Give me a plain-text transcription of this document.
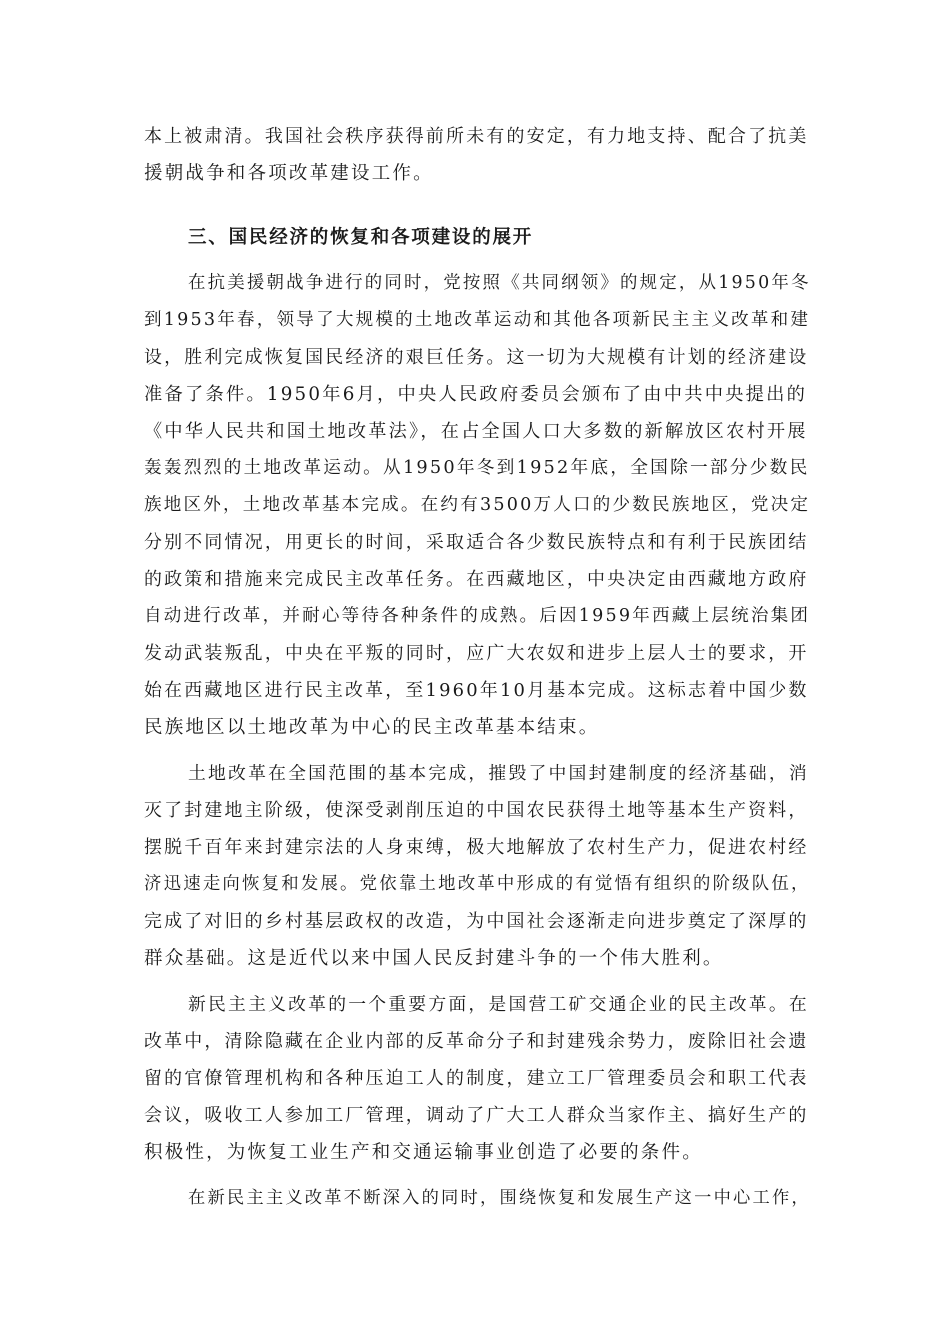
本上被肃清。我国社会秩序获得前所未有的安定，有力地支持、配合了抗美
援朝战争和各项改革建设工作。
三、国民经济的恢复和各项建设的展开
在抗美援朝战争进行的同时，党按照《共同纲领》的规定，从1950年冬
到1953年春，领导了大规模的土地改革运动和其他各项新民主主义改革和建
设，胜利完成恢复国民经济的艰巨任务。这一切为大规模有计划的经济建设
准备了条件。1950年6月，中央人民政府委员会颁布了由中共中央提出的
《中华人民共和国土地改革法》，在占全国人口大多数的新解放区农村开展
轰轰烈烈的土地改革运动。从1950年冬到1952年底，全国除一部分少数民
族地区外，土地改革基本完成。在约有3500万人口的少数民族地区，党决定
分别不同情况，用更长的时间，采取适合各少数民族特点和有利于民族团结
的政策和措施来完成民主改革任务。在西藏地区，中央决定由西藏地方政府
自动进行改革，并耐心等待各种条件的成熟。后因1959年西藏上层统治集团
发动武装叛乱，中央在平叛的同时，应广大农奴和进步上层人士的要求，开
始在西藏地区进行民主改革，至1960年10月基本完成。这标志着中国少数
民族地区以土地改革为中心的民主改革基本结束。
土地改革在全国范围的基本完成，摧毁了中国封建制度的经济基础，消
灭了封建地主阶级，使深受剥削压迫的中国农民获得土地等基本生产资料，
摆脱千百年来封建宗法的人身束缚，极大地解放了农村生产力，促进农村经
济迅速走向恢复和发展。党依靠土地改革中形成的有觉悟有组织的阶级队伍，
完成了对旧的乡村基层政权的改造，为中国社会逐渐走向进步奠定了深厚的
群众基础。这是近代以来中国人民反封建斗争的一个伟大胜利。
新民主主义改革的一个重要方面，是国营工矿交通企业的民主改革。在
改革中，清除隐藏在企业内部的反革命分子和封建残余势力，废除旧社会遗
留的官僚管理机构和各种压迫工人的制度，建立工厂管理委员会和职工代表
会议，吸收工人参加工厂管理，调动了广大工人群众当家作主、搞好生产的
积极性，为恢复工业生产和交通运输事业创造了必要的条件。
在新民主主义改革不断深入的同时，围绕恢复和发展生产这一中心工作，
